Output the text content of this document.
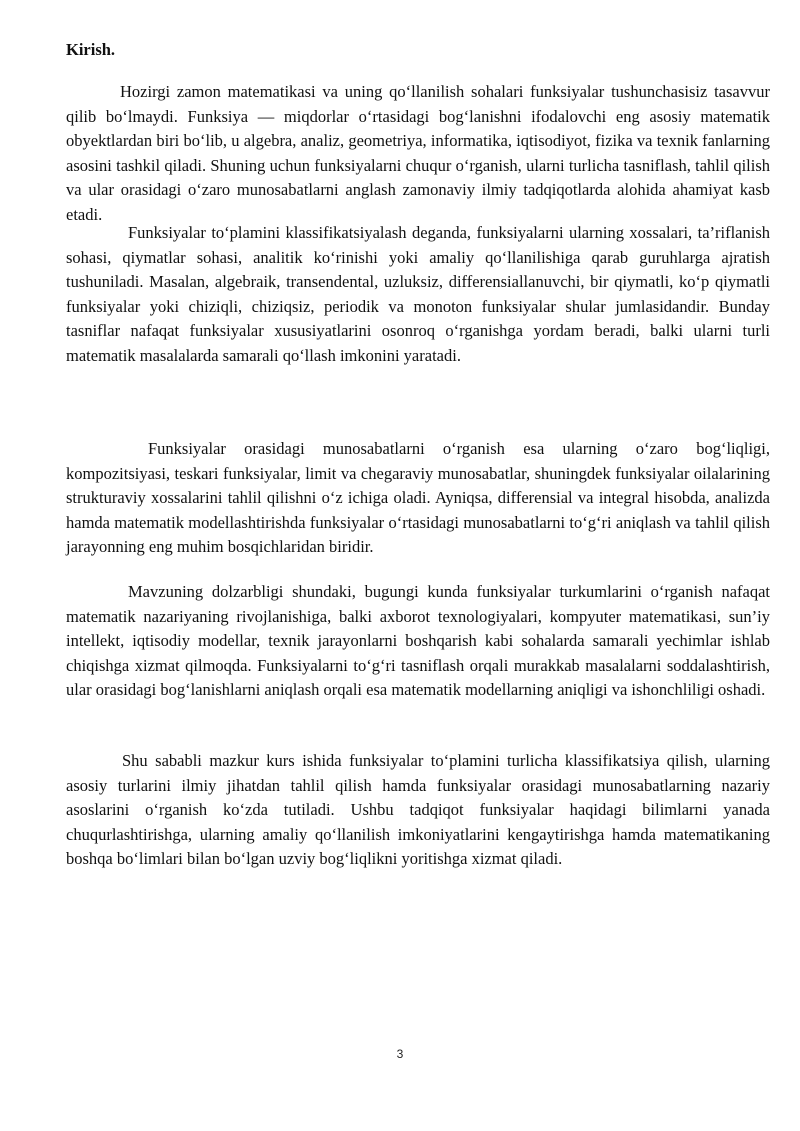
Kirish.

Hozirgi zamon matematikasi va uning qo‘llanilish sohalari funksiyalar tushunchasisiz tasavvur qilib bo‘lmaydi. Funksiya — miqdorlar o‘rtasidagi bog‘lanishni ifodalovchi eng asosiy matematik obyektlardan biri bo‘lib, u algebra, analiz, geometriya, informatika, iqtisodiyot, fizika va texnik fanlarning asosini tashkil qiladi. Shuning uchun funksiyalarni chuqur o‘rganish, ularni turlicha tasniflash, tahlil qilish va ular orasidagi o‘zaro munosabatlarni anglash zamonaviy ilmiy tadqiqotlarda alohida ahamiyat kasb etadi.

Funksiyalar to‘plamini klassifikatsiyalash deganda, funksiyalarni ularning xossalari, ta’riflanish sohasi, qiymatlar sohasi, analitik ko‘rinishi yoki amaliy qo‘llanilishiga qarab guruhlarga ajratish tushuniladi. Masalan, algebraik, transendental, uzluksiz, differensiallanuvchi, bir qiymatli, ko‘p qiymatli funksiyalar yoki chiziqli, chiziqsiz, periodik va monoton funksiyalar shular jumlasidandir. Bunday tasniflar nafaqat funksiyalar xususiyatlarini osonroq o‘rganishga yordam beradi, balki ularni turli matematik masalalarda samarali qo‘llash imkonini yaratadi.

Funksiyalar orasidagi munosabatlarni o‘rganish esa ularning o‘zaro bog‘liqligi, kompozitsiyasi, teskari funksiyalar, limit va chegaraviy munosabatlar, shuningdek funksiyalar oilalarining strukturaviy xossalarini tahlil qilishni o‘z ichiga oladi. Ayniqsa, differensial va integral hisobda, analizda hamda matematik modellashtirishda funksiyalar o‘rtasidagi munosabatlarni to‘g‘ri aniqlash va tahlil qilish jarayonning eng muhim bosqichlaridan biridir.

Mavzuning dolzarbligi shundaki, bugungi kunda funksiyalar turkumlarini o‘rganish nafaqat matematik nazariyaning rivojlanishiga, balki axborot texnologiyalari, kompyuter matematikasi, sun’iy intellekt, iqtisodiy modellar, texnik jarayonlarni boshqarish kabi sohalarda samarali yechimlar ishlab chiqishga xizmat qilmoqda. Funksiyalarni to‘g‘ri tasniflash orqali murakkab masalalarni soddalashtirish, ular orasidagi bog‘lanishlarni aniqlash orqali esa matematik modellarning aniqligi va ishonchliligi oshadi.

Shu sababli mazkur kurs ishida funksiyalar to‘plamini turlicha klassifikatsiya qilish, ularning asosiy turlarini ilmiy jihatdan tahlil qilish hamda funksiyalar orasidagi munosabatlarning nazariy asoslarini o‘rganish ko‘zda tutiladi. Ushbu tadqiqot funksiyalar haqidagi bilimlarni yanada chuqurlashtirishga, ularning amaliy qo‘llanilish imkoniyatlarini kengaytirishga hamda matematikaning boshqa bo‘limlari bilan bo‘lgan uzviy bog‘liqlikni yoritishga xizmat qiladi.

3
